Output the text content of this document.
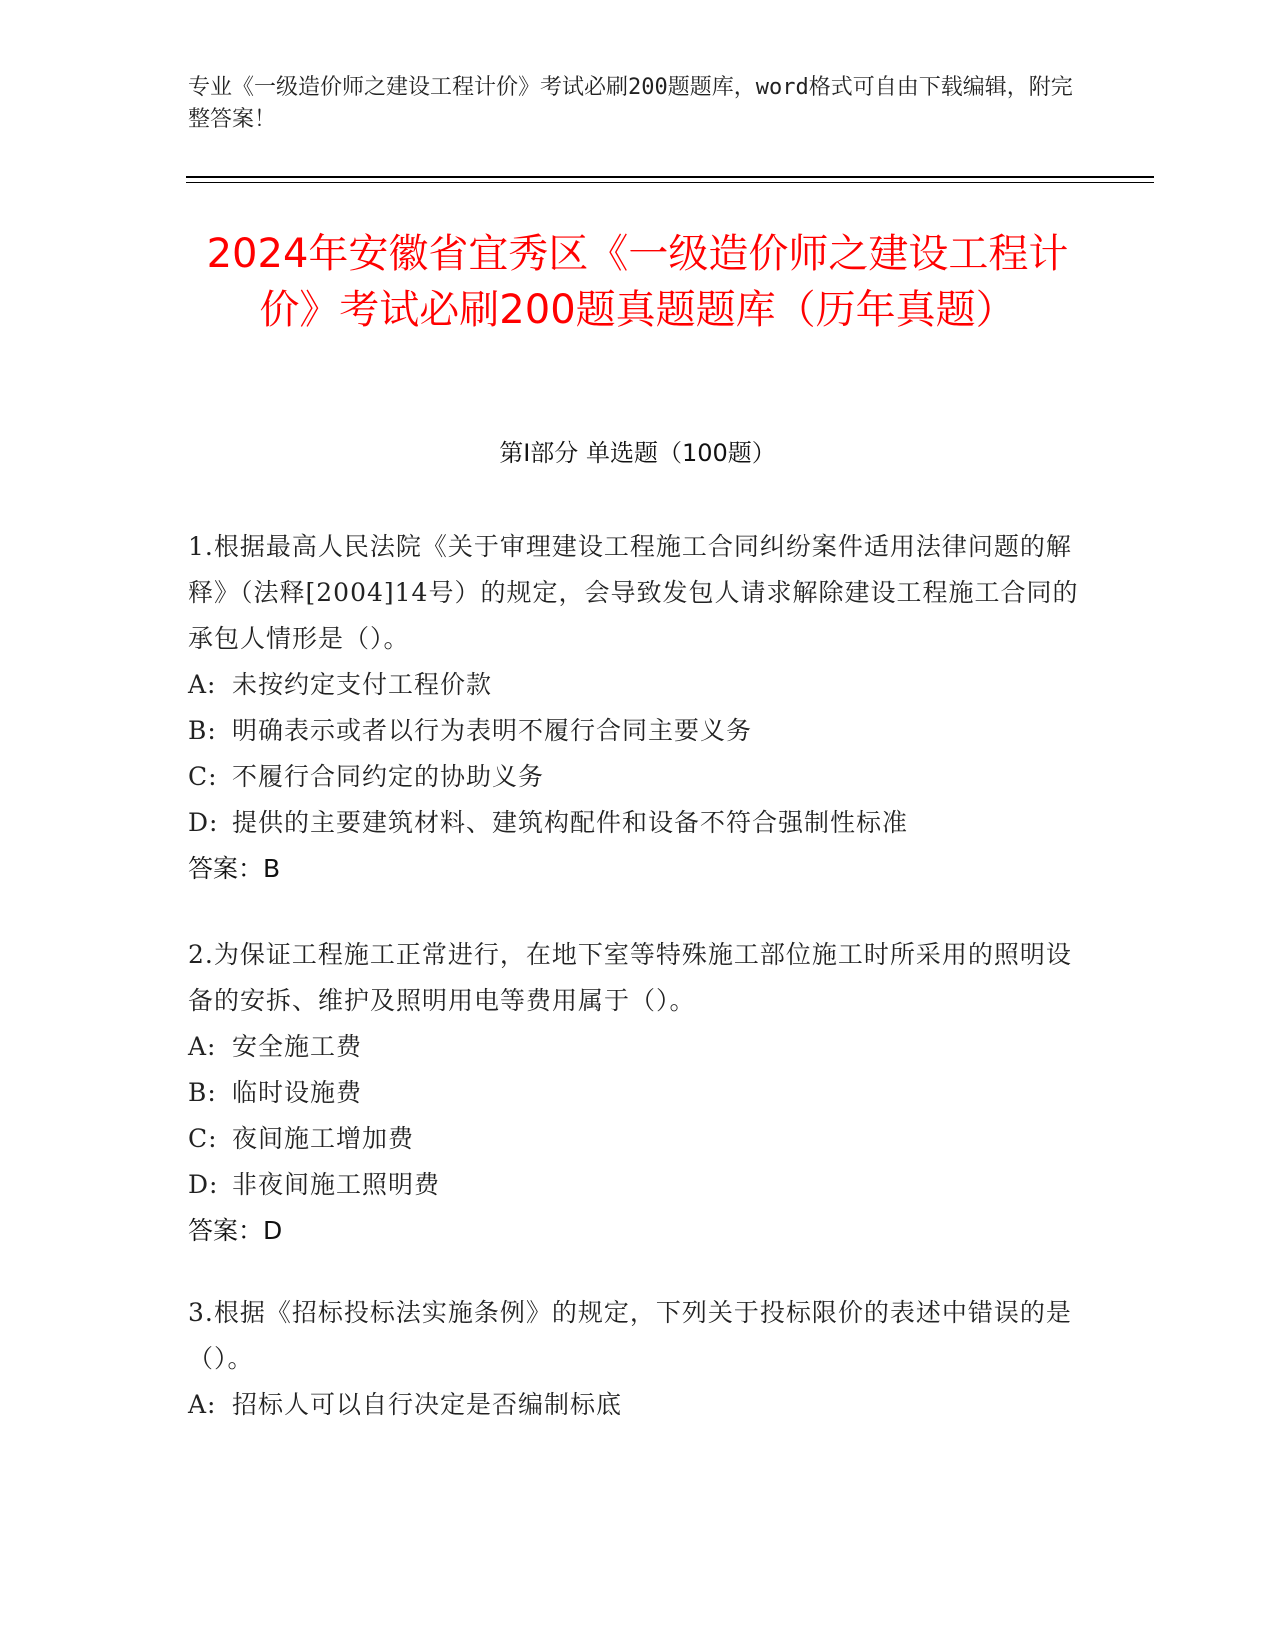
专业《一级造价师之建设工程计价》考试必刷200题题库，word格式可自由下载编辑，附完整答案！
2024年安徽省宜秀区《一级造价师之建设工程计价》考试必刷200题真题题库（历年真题）
第Ⅰ部分 单选题（100题）
1.根据最高人民法院《关于审理建设工程施工合同纠纷案件适用法律问题的解释》（法释[2004]14号）的规定，会导致发包人请求解除建设工程施工合同的承包人情形是（）。
A: 未按约定支付工程价款
B: 明确表示或者以行为表明不履行合同主要义务
C: 不履行合同约定的协助义务
D: 提供的主要建筑材料、建筑构配件和设备不符合强制性标准
答案：B
2.为保证工程施工正常进行，在地下室等特殊施工部位施工时所采用的照明设备的安拆、维护及照明用电等费用属于（）。
A: 安全施工费
B: 临时设施费
C: 夜间施工增加费
D: 非夜间施工照明费
答案：D
3.根据《招标投标法实施条例》的规定，下列关于投标限价的表述中错误的是（）。
A: 招标人可以自行决定是否编制标底
